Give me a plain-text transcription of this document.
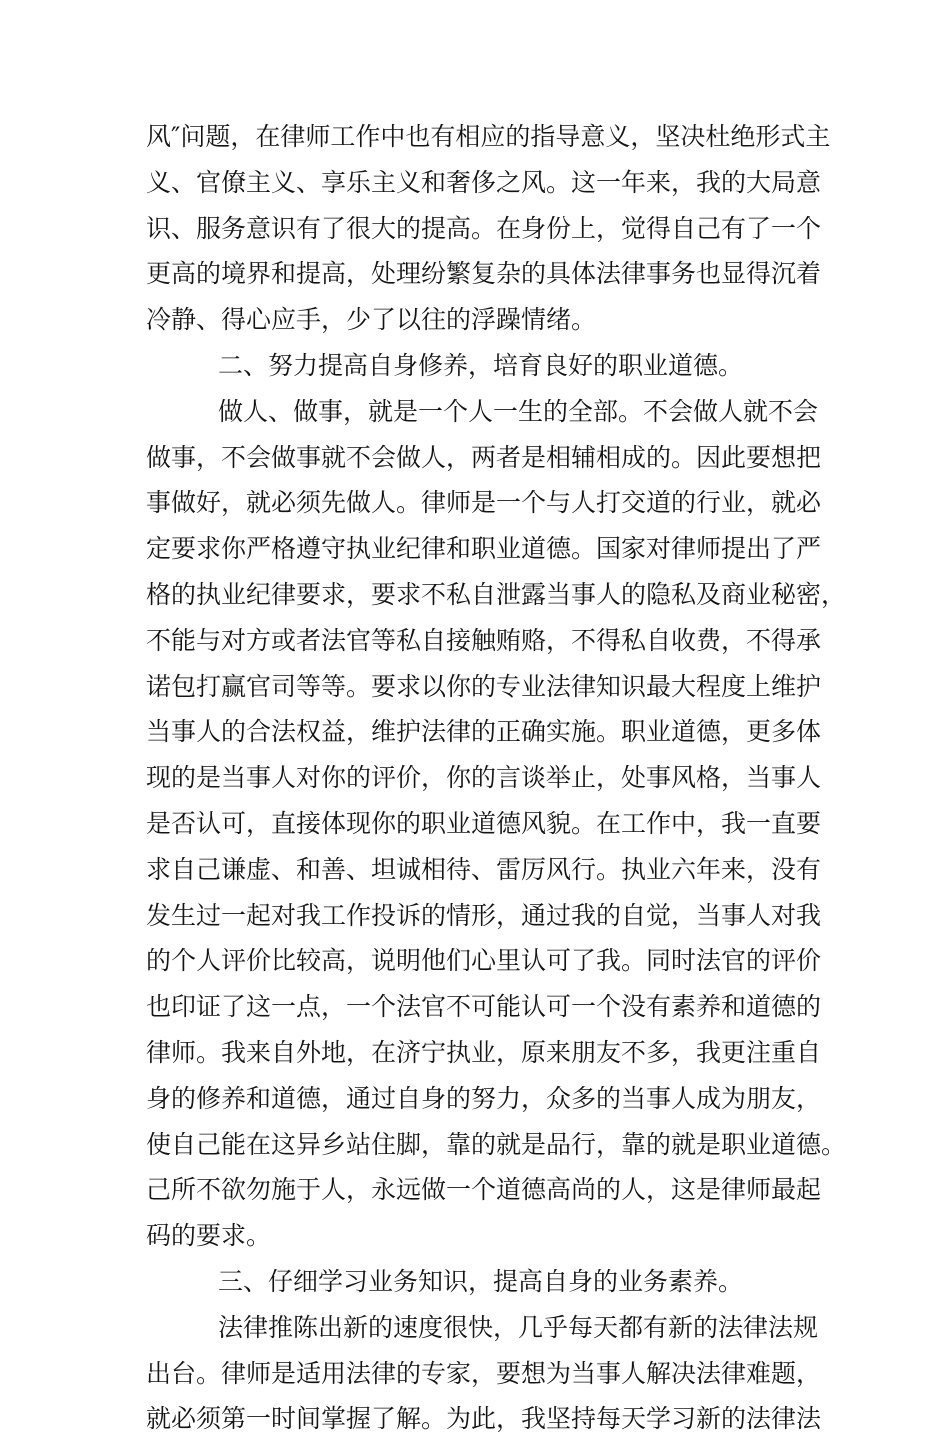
风″问题，在律师工作中也有相应的指导意义，坚决杜绝形式主
义、官僚主义、享乐主义和奢侈之风。这一年来，我的大局意
识、服务意识有了很大的提高。在身份上，觉得自己有了一个
更高的境界和提高，处理纷繁复杂的具体法律事务也显得沉着
冷静、得心应手，少了以往的浮躁情绪。
二、努力提高自身修养，培育良好的职业道德。
做人、做事，就是一个人一生的全部。不会做人就不会
做事，不会做事就不会做人，两者是相辅相成的。因此要想把
事做好，就必须先做人。律师是一个与人打交道的行业，就必
定要求你严格遵守执业纪律和职业道德。国家对律师提出了严
格的执业纪律要求，要求不私自泄露当事人的隐私及商业秘密，
不能与对方或者法官等私自接触贿赂，不得私自收费，不得承
诺包打赢官司等等。要求以你的专业法律知识最大程度上维护
当事人的合法权益，维护法律的正确实施。职业道德，更多体
现的是当事人对你的评价，你的言谈举止，处事风格，当事人
是否认可，直接体现你的职业道德风貌。在工作中，我一直要
求自己谦虚、和善、坦诚相待、雷厉风行。执业六年来，没有
发生过一起对我工作投诉的情形，通过我的自觉，当事人对我
的个人评价比较高，说明他们心里认可了我。同时法官的评价
也印证了这一点，一个法官不可能认可一个没有素养和道德的
律师。我来自外地，在济宁执业，原来朋友不多，我更注重自
身的修养和道德，通过自身的努力，众多的当事人成为朋友，
使自己能在这异乡站住脚，靠的就是品行，靠的就是职业道德。
己所不欲勿施于人，永远做一个道德高尚的人，这是律师最起
码的要求。
三、仔细学习业务知识，提高自身的业务素养。
法律推陈出新的速度很快，几乎每天都有新的法律法规
出台。律师是适用法律的专家，要想为当事人解决法律难题，
就必须第一时间掌握了解。为此，我坚持每天学习新的法律法
